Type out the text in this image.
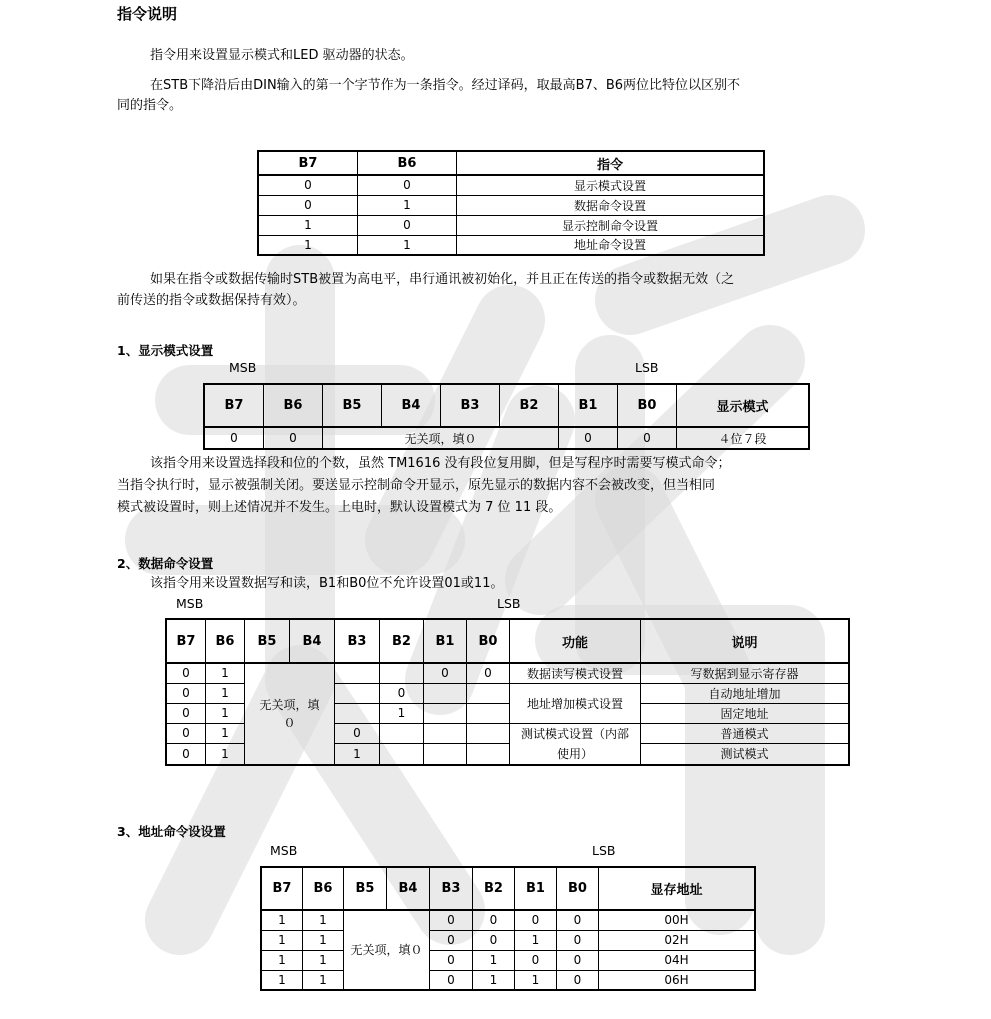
指令说明
指令用来设置显示模式和LED 驱动器的状态。
在STB下降沿后由DIN输入的第一个字节作为一条指令。经过译码，取最高B7、B6两位比特位以区别不
同的指令。
B7	B6	指令
0	0	显示模式设置
0	1	数据命令设置
1	0	显示控制命令设置
1	1	地址命令设置
如果在指令或数据传输时STB被置为高电平，串行通讯被初始化，并且正在传送的指令或数据无效（之
前传送的指令或数据保持有效）。
1、显示模式设置
MSB	LSB
B7	B6	B5	B4	B3	B2	B1	B0	显示模式
0	0	无关项，填０				0	0	４位７段
该指令用来设置选择段和位的个数，虽然 TM1616 没有段位复用脚，但是写程序时需要写模式命令；
当指令执行时，显示被强制关闭。要送显示控制命令开显示，原先显示的数据内容不会被改变，但当相同
模式被设置时，则上述情况并不发生。上电时，默认设置模式为 7 位 11 段。
2、数据命令设置
该指令用来设置数据写和读，B1和B0位不允许设置01或11。
MSB	LSB
B7	B6	B5	B4	B3	B2	B1	B0	功能	说明
0	1	无关项，填０				0	0	数据读写模式设置	写数据到显示寄存器
0	1				0			地址增加模式设置	自动地址增加
0	1				1				固定地址
0	1			0				测试模式设置（内部使用）	普通模式
0	1			1					测试模式
3、地址命令设设置
MSB	LSB
B7	B6	B5	B4	B3	B2	B1	B0	显存地址
1	1	无关项，填０		0	0	0	0	00H
1	1			0	0	1	0	02H
1	1			0	1	0	0	04H
1	1			0	1	1	0	06H
